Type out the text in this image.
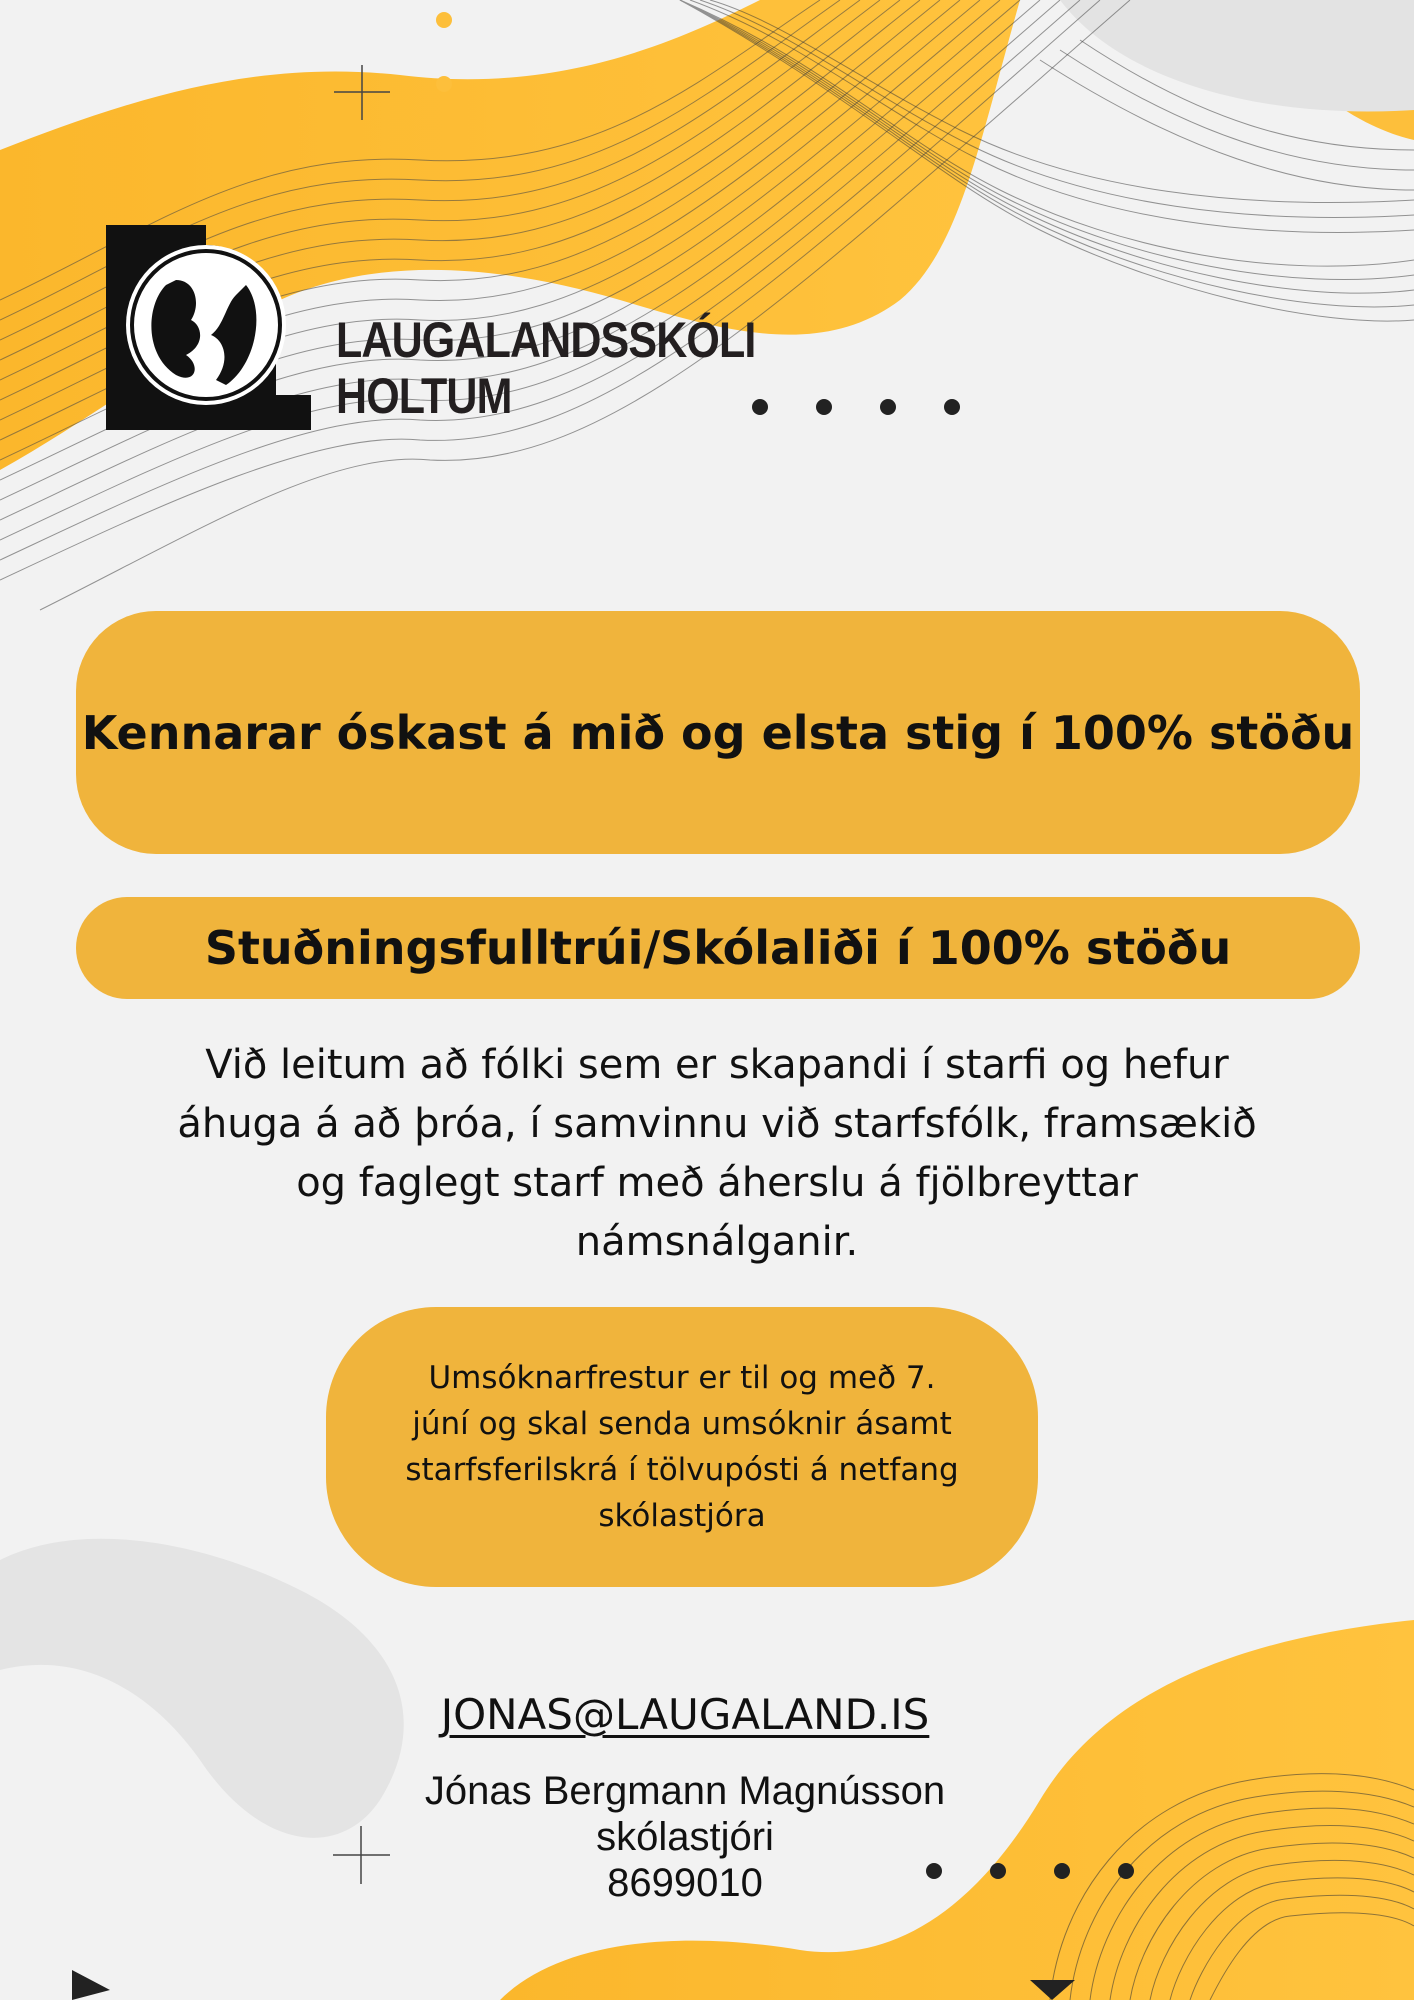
LAUGALANDSSKÓLI
HOLTUM
Kennarar óskast á mið og elsta stig í 100% stöðu
Stuðningsfulltrúi/Skólaliði í 100% stöðu
Við leitum að fólki sem er skapandi í starfi og hefur áhuga á að þróa, í samvinnu við starfsfólk, framsækið og faglegt starf með áherslu á fjölbreyttar námsnálganir.
Umsóknarfrestur er til og með 7. júní og skal senda umsóknir ásamt starfsferilskrá í tölvupósti á netfang skólastjóra
JONAS@LAUGALAND.IS
Jónas Bergmann Magnússon
skólastjóri
8699010
